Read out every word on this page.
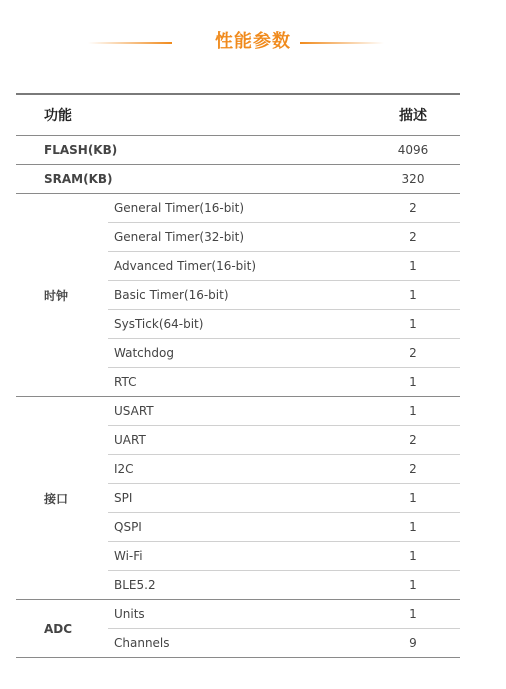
性能参数
功能		描述
FLASH(KB)		4096
SRAM(KB)		320
时钟	General Timer(16-bit)	2
	General Timer(32-bit)	2
	Advanced Timer(16-bit)	1
	Basic Timer(16-bit)	1
	SysTick(64-bit)	1
	Watchdog	2
	RTC	1
接口	USART	1
	UART	2
	I2C	2
	SPI	1
	QSPI	1
	Wi-Fi	1
	BLE5.2	1
ADC	Units	1
	Channels	9
